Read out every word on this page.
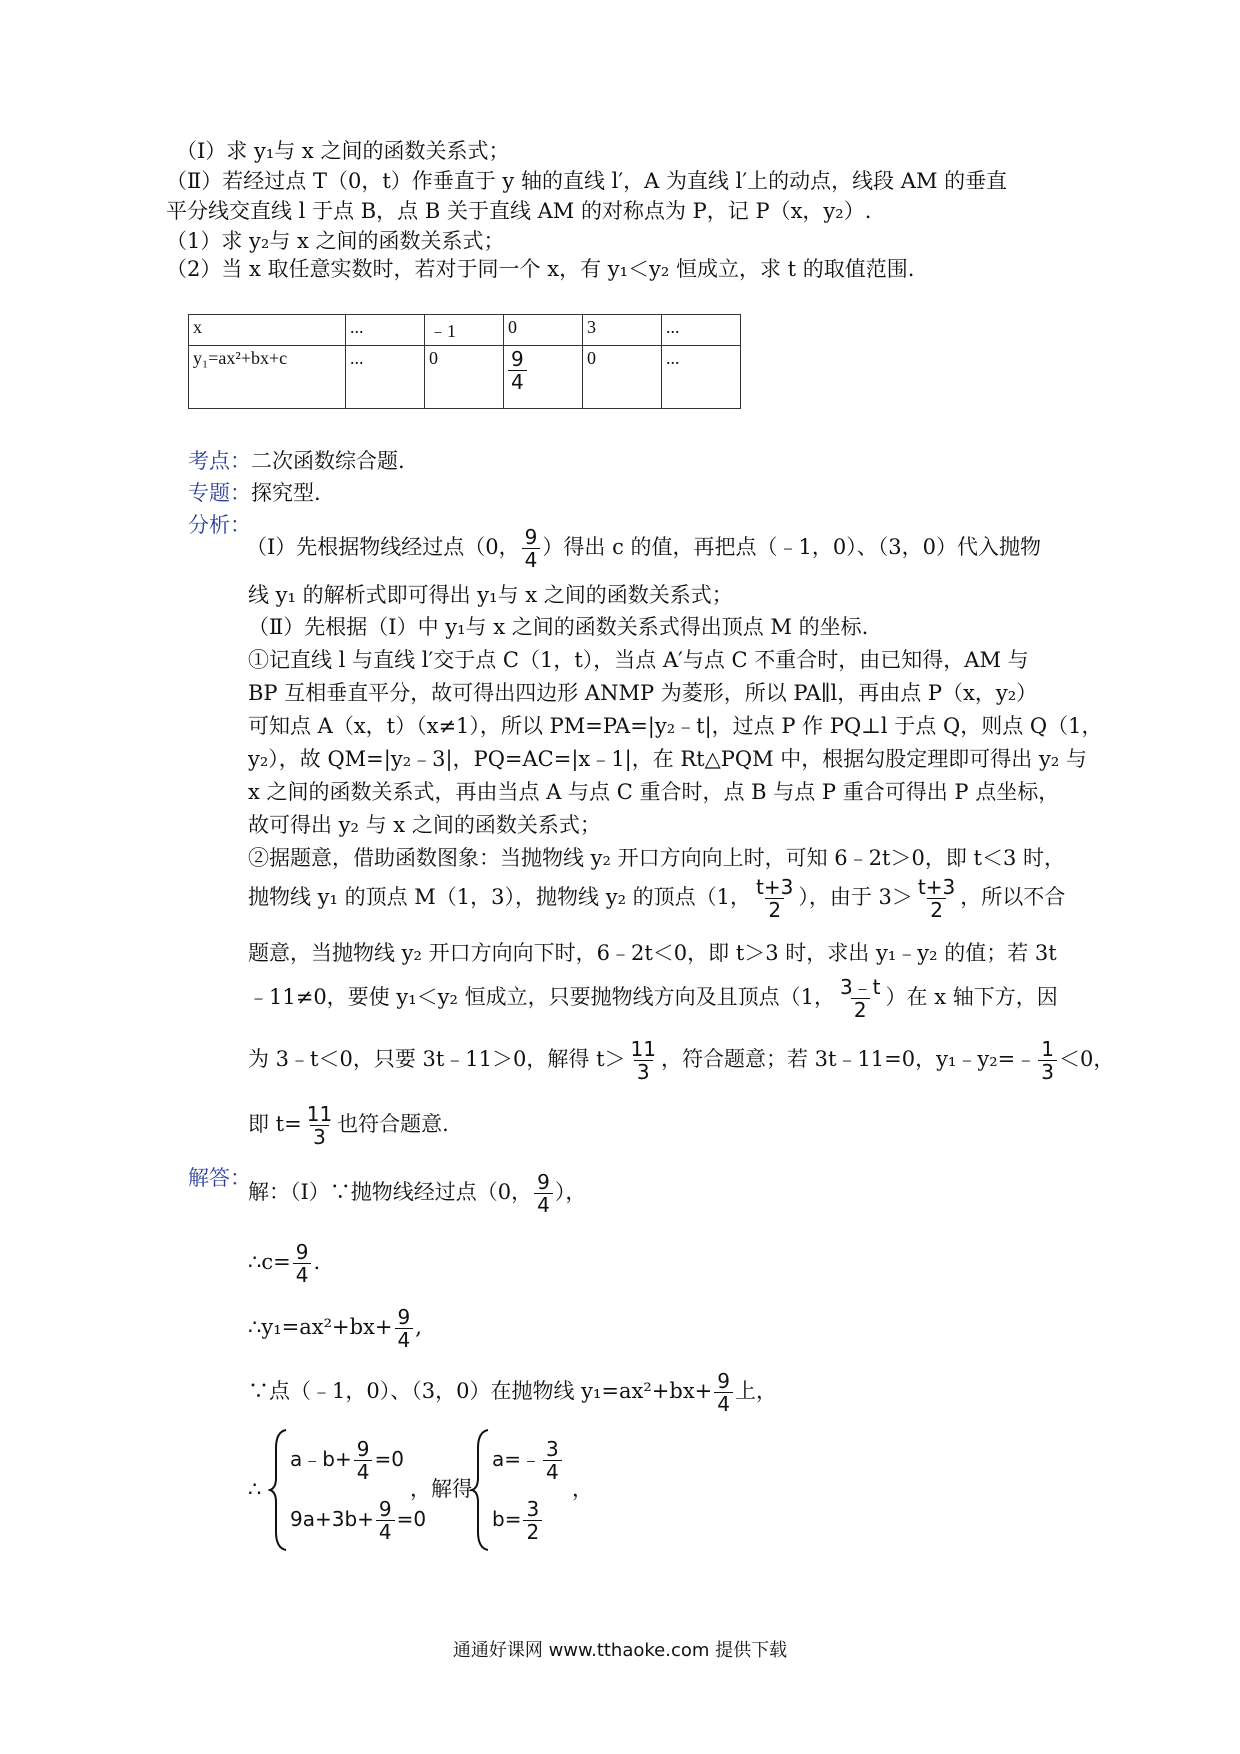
（Ⅰ）求 y₁与 x 之间的函数关系式；
（Ⅱ）若经过点 T（0，t）作垂直于 y 轴的直线 l′，A 为直线 l′上的动点，线段 AM 的垂直
平分线交直线 l 于点 B，点 B 关于直线 AM 的对称点为 P，记 P（x，y₂）.
（1）求 y₂与 x 之间的函数关系式；
（2）当 x 取任意实数时，若对于同一个 x，有 y₁＜y₂ 恒成立，求 t 的取值范围.
x	...	﹣1	0	3	...
y₁=ax²+bx+c	...	0	$\frac{9}{4}$	0	...
考点：二次函数综合题.
专题：探究型.
分析：
（Ⅰ）先根据物线经过点（0， $\frac{9}{4}$ ）得出 c 的值，再把点（﹣1，0）、（3，0）代入抛物
线 y₁ 的解析式即可得出 y₁与 x 之间的函数关系式；
（Ⅱ）先根据（Ⅰ）中 y₁与 x 之间的函数关系式得出顶点 M 的坐标.
①记直线 l 与直线 l′交于点 C（1，t），当点 A′与点 C 不重合时，由已知得，AM 与
BP 互相垂直平分，故可得出四边形 ANMP 为菱形，所以 PA∥l，再由点 P（x，y₂）
可知点 A（x，t）（x≠1），所以 PM=PA=|y₂﹣t|，过点 P 作 PQ⊥l 于点 Q，则点 Q（1，
y₂），故 QM=|y₂﹣3|，PQ=AC=|x﹣1|，在 Rt△PQM 中，根据勾股定理即可得出 y₂ 与
x 之间的函数关系式，再由当点 A 与点 C 重合时，点 B 与点 P 重合可得出 P 点坐标，
故可得出 y₂ 与 x 之间的函数关系式；
②据题意，借助函数图象：当抛物线 y₂ 开口方向向上时，可知 6﹣2t＞0，即 t＜3 时，
抛物线 y₁ 的顶点 M（1，3），抛物线 y₂ 的顶点（1， $\frac{t+3}{2}$ ），由于 $3> \frac{t+3}{2}$ ，所以不合
题意，当抛物线 y₂ 开口方向向下时，6﹣2t＜0，即 t＞3 时，求出 y₁﹣y₂ 的值；若 3t
﹣11≠0，要使 y₁＜y₂ 恒成立，只要抛物线方向及且顶点（1， $\frac{3﹣t}{2}$ ）在 x 轴下方，因
为 3﹣t＜0，只要 3t﹣11＞0，解得 $t> \frac{11}{3}$ ，符合题意；若 3t﹣11=0，y₁﹣y₂=﹣ $\frac{1}{3} <0$，
即 $t= \frac{11}{3}$ 也符合题意.
解答：
解：（Ⅰ）∵抛物线经过点（0， $\frac{9}{4}$ ），
∴c= $\frac{9}{4}$ .
∴y₁=ax²+bx+ $\frac{9}{4}$ ,
∵点（﹣1，0）、（3，0）在抛物线 $y_1=ax^2+bx+ \frac{9}{4}$ 上，
∴
a﹣b+ $\frac{9}{4} =0$
$9a+3b+ \frac{9}{4} =0$
，解得
a=﹣ $\frac{3}{4}$
$b= \frac{3}{2}$
，
通通好课网 www.tthaoke.com 提供下载
